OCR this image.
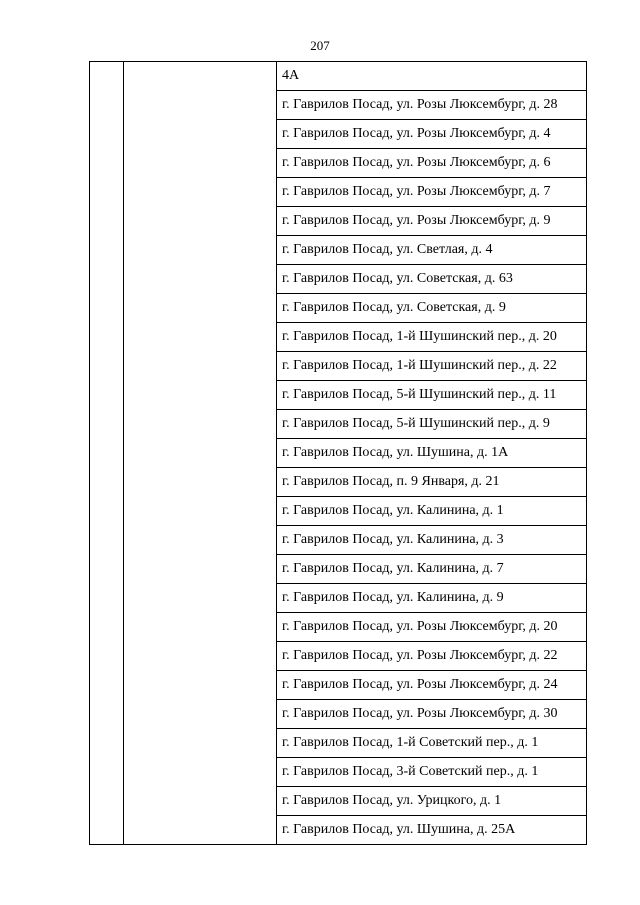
207
		4А
г. Гаврилов Посад, ул. Розы Люксембург, д. 28
г. Гаврилов Посад, ул. Розы Люксембург, д. 4
г. Гаврилов Посад, ул. Розы Люксембург, д. 6
г. Гаврилов Посад, ул. Розы Люксембург, д. 7
г. Гаврилов Посад, ул. Розы Люксембург, д. 9
г. Гаврилов Посад, ул. Светлая, д. 4
г. Гаврилов Посад, ул. Советская, д. 63
г. Гаврилов Посад, ул. Советская, д. 9
г. Гаврилов Посад, 1-й Шушинский пер., д. 20
г. Гаврилов Посад, 1-й Шушинский пер., д. 22
г. Гаврилов Посад, 5-й Шушинский пер., д. 11
г. Гаврилов Посад, 5-й Шушинский пер., д. 9
г. Гаврилов Посад, ул. Шушина, д. 1А
г. Гаврилов Посад, п. 9 Января, д. 21
г. Гаврилов Посад, ул. Калинина, д. 1
г. Гаврилов Посад, ул. Калинина, д. 3
г. Гаврилов Посад, ул. Калинина, д. 7
г. Гаврилов Посад, ул. Калинина, д. 9
г. Гаврилов Посад, ул. Розы Люксембург, д. 20
г. Гаврилов Посад, ул. Розы Люксембург, д. 22
г. Гаврилов Посад, ул. Розы Люксембург, д. 24
г. Гаврилов Посад, ул. Розы Люксембург, д. 30
г. Гаврилов Посад, 1-й Советский пер., д. 1
г. Гаврилов Посад, 3-й Советский пер., д. 1
г. Гаврилов Посад, ул. Урицкого, д. 1
г. Гаврилов Посад, ул. Шушина, д. 25А
